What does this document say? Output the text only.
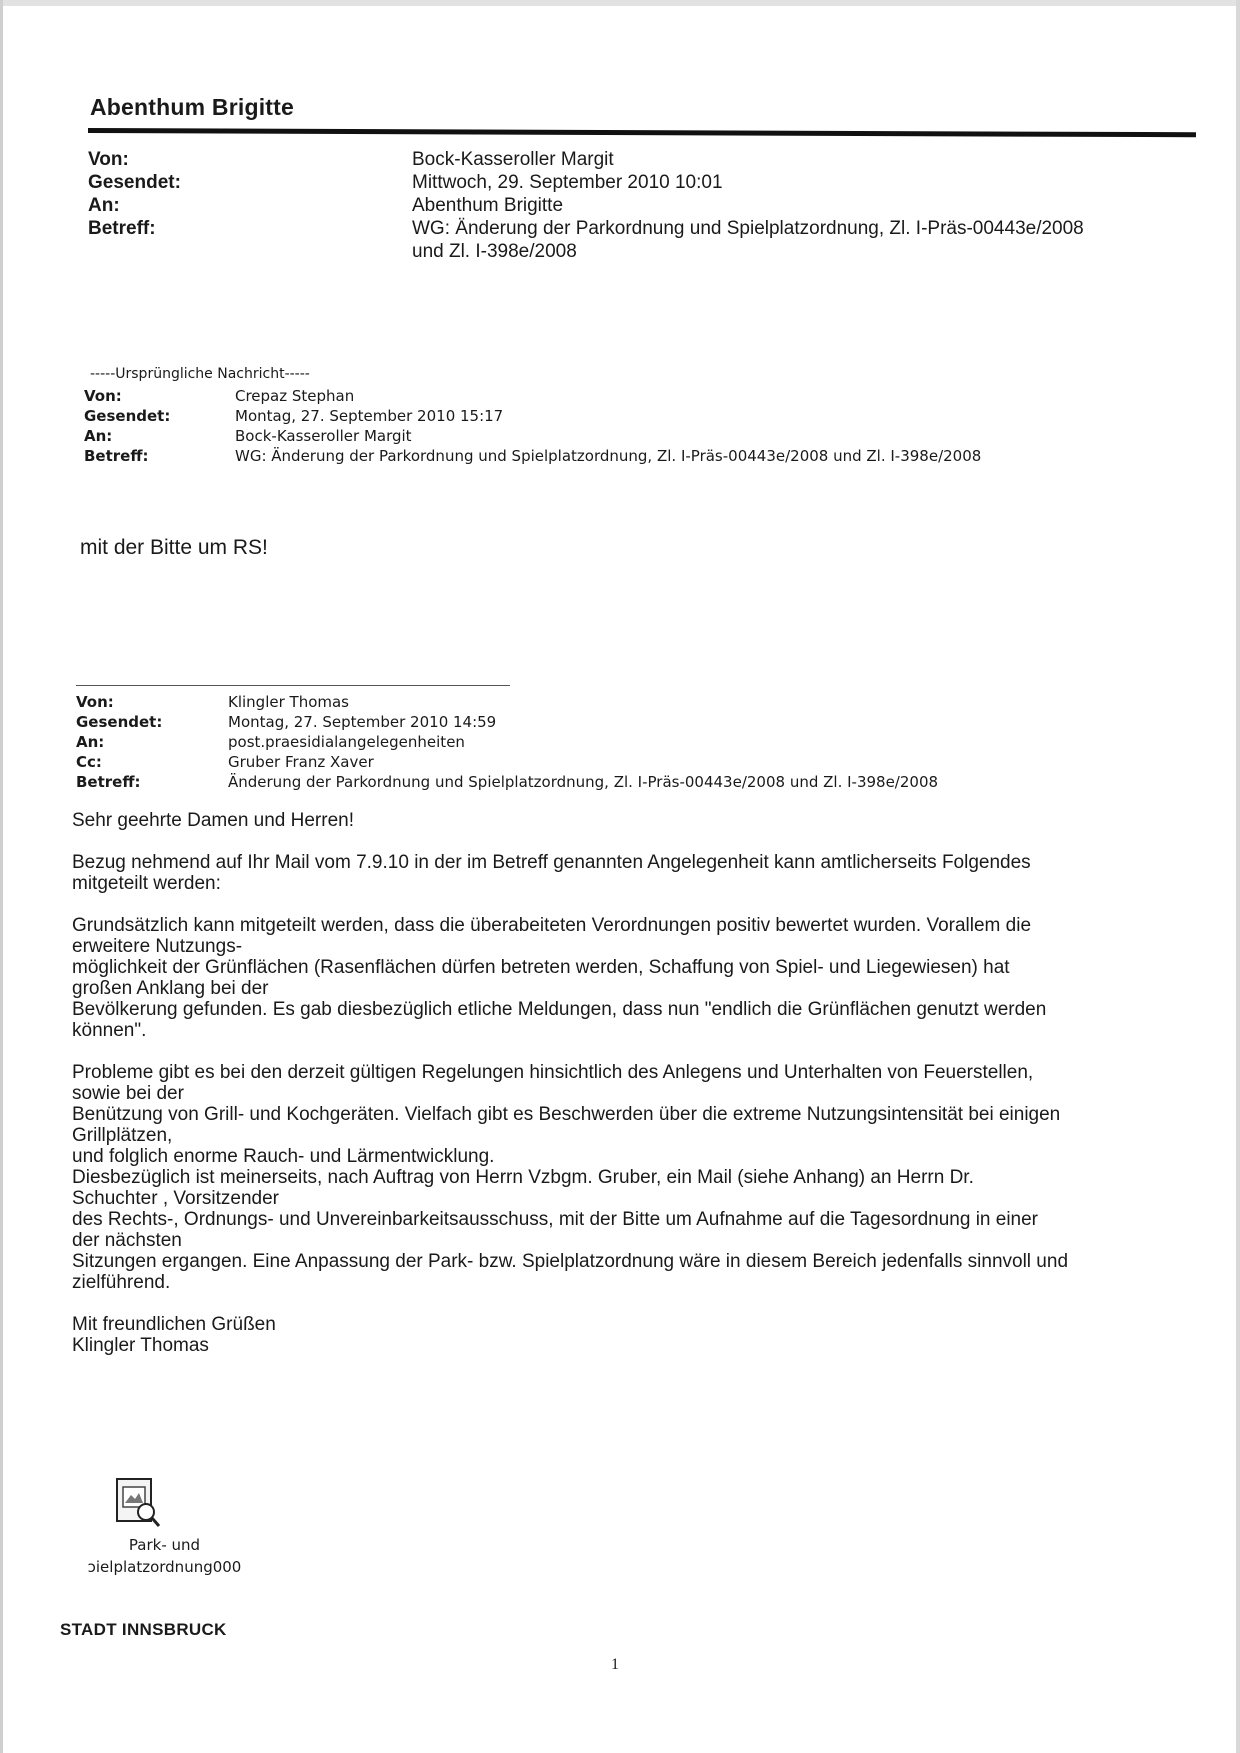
Abenthum Brigitte
Von:	Bock-Kasseroller Margit
Gesendet:	Mittwoch, 29. September 2010 10:01
An:	Abenthum Brigitte
Betreff:	WG: Änderung der Parkordnung und Spielplatzordnung, Zl. I-Präs-00443e/2008
und Zl. I-398e/2008
-----Ursprüngliche Nachricht-----
Von:	Crepaz Stephan
Gesendet:	Montag, 27. September 2010 15:17
An:	Bock-Kasseroller Margit
Betreff:	WG: Änderung der Parkordnung und Spielplatzordnung, Zl. I-Präs-00443e/2008 und Zl. I-398e/2008
mit der Bitte um RS!
Von:	Klingler Thomas
Gesendet:	Montag, 27. September 2010 14:59
An:	post.praesidialangelegenheiten
Cc:	Gruber Franz Xaver
Betreff:	Änderung der Parkordnung und Spielplatzordnung, Zl. I-Präs-00443e/2008 und Zl. I-398e/2008

Sehr geehrte Damen und Herren!

Bezug nehmend auf Ihr Mail vom 7.9.10 in der im Betreff genannten Angelegenheit kann amtlicherseits Folgendes

mitgeteilt werden:

Grundsätzlich kann mitgeteilt werden, dass die überabeiteten Verordnungen positiv bewertet wurden. Vorallem die

erweitere Nutzungs-

möglichkeit der Grünflächen (Rasenflächen dürfen betreten werden, Schaffung von Spiel- und Liegewiesen) hat

großen Anklang bei der

Bevölkerung gefunden. Es gab diesbezüglich etliche Meldungen, dass nun "endlich die Grünflächen genutzt werden

können".

Probleme gibt es bei den derzeit gültigen Regelungen hinsichtlich des Anlegens und Unterhalten von Feuerstellen,

sowie bei der

Benützung von Grill- und Kochgeräten. Vielfach gibt es Beschwerden über die extreme Nutzungsintensität bei einigen

Grillplätzen,

und folglich enorme Rauch- und Lärmentwicklung.

Diesbezüglich ist meinerseits, nach Auftrag von Herrn Vzbgm. Gruber, ein Mail (siehe Anhang) an Herrn Dr.

Schuchter , Vorsitzender

des Rechts-, Ordnungs- und Unvereinbarkeitsausschuss, mit der Bitte um Aufnahme auf die Tagesordnung in einer

der nächsten

Sitzungen ergangen. Eine Anpassung der Park- bzw. Spielplatzordnung wäre in diesem Bereich jedenfalls sinnvoll und

zielführend.

Mit freundlichen Grüßen

Klingler Thomas

Park- und
ɔielplatzordnung000
STADT INNSBRUCK
1
